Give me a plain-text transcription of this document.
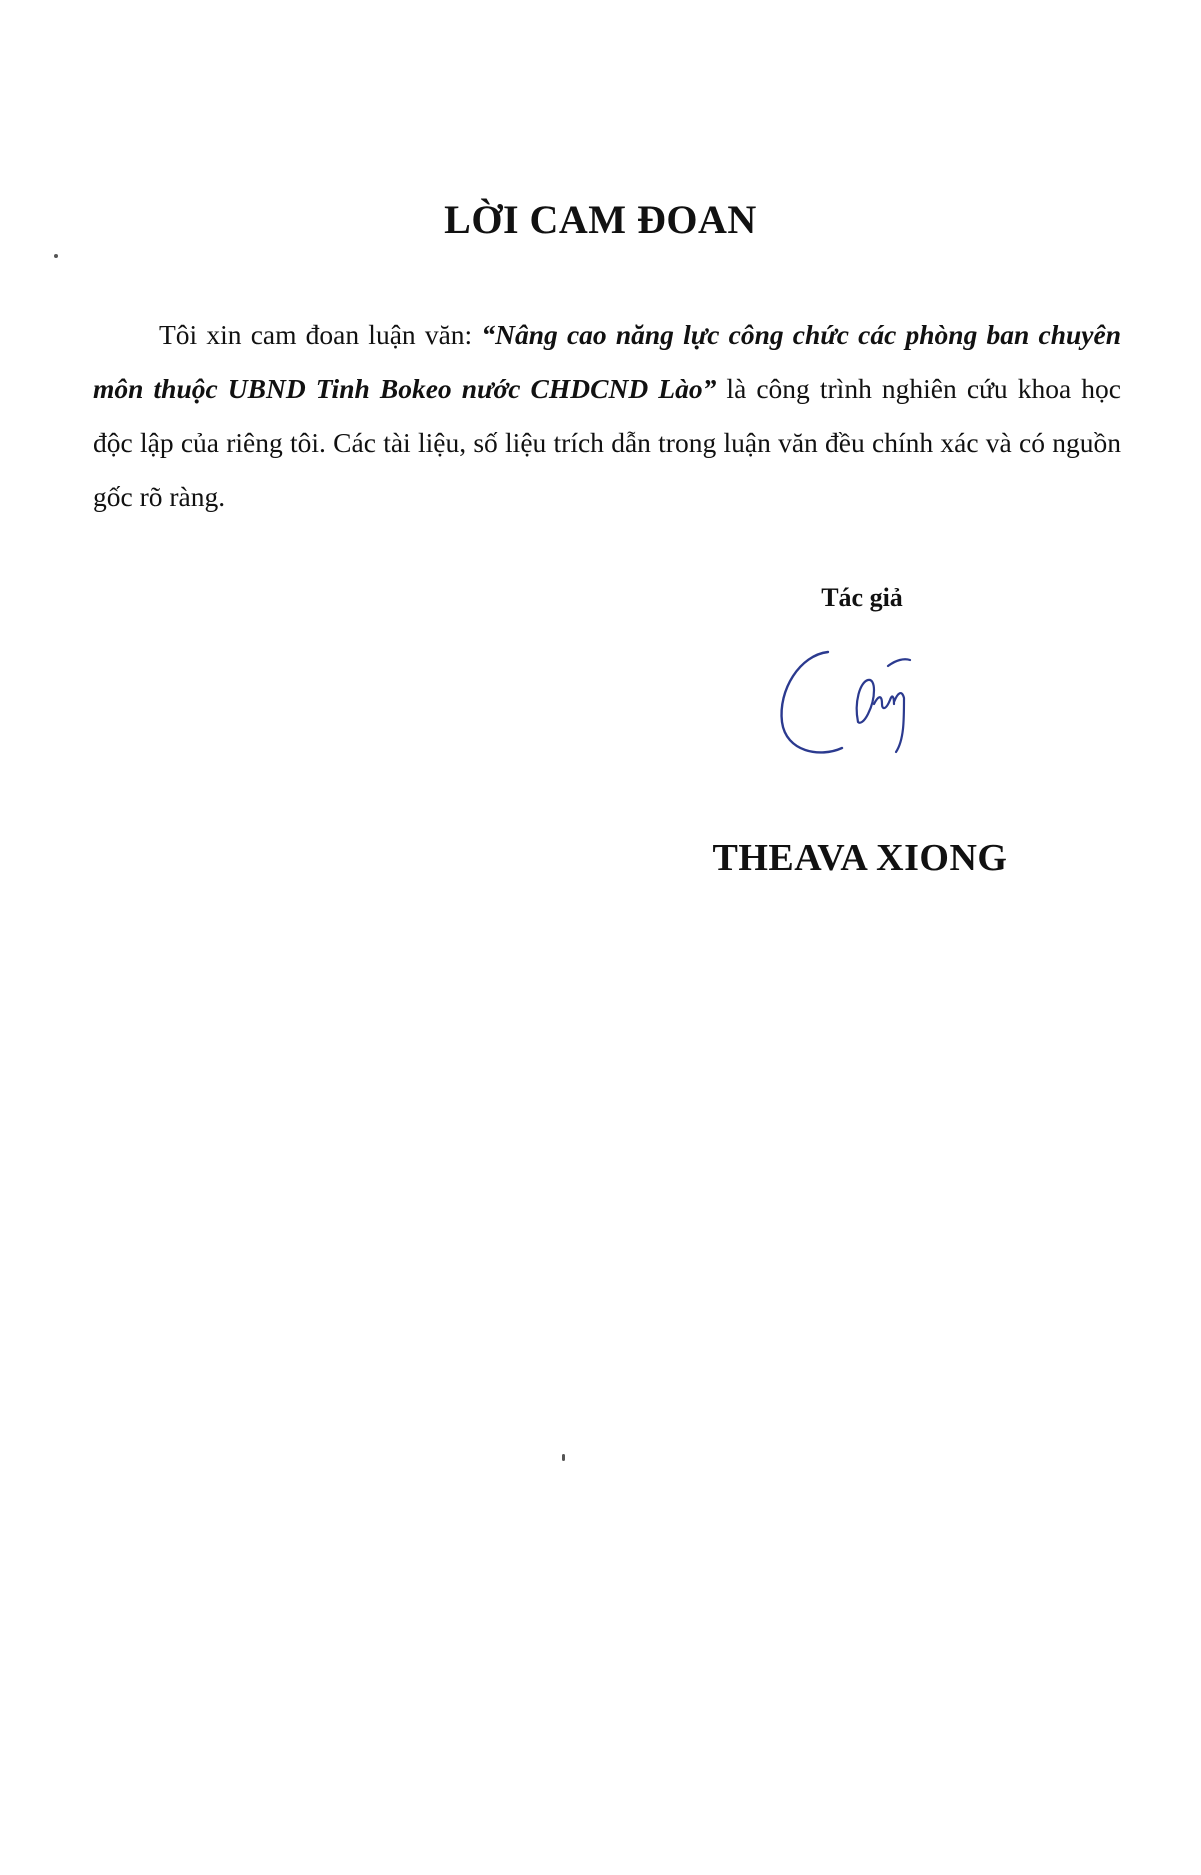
LỜI CAM ĐOAN

Tôi xin cam đoan luận văn: “Nâng cao năng lực công chức các phòng ban chuyên môn thuộc UBND Tinh Bokeo nước CHDCND Lào” là công trình nghiên cứu khoa học độc lập của riêng tôi. Các tài liệu, số liệu trích dẫn trong luận văn đều chính xác và có nguồn gốc rõ ràng.

Tác giả

THEAVA XIONG
